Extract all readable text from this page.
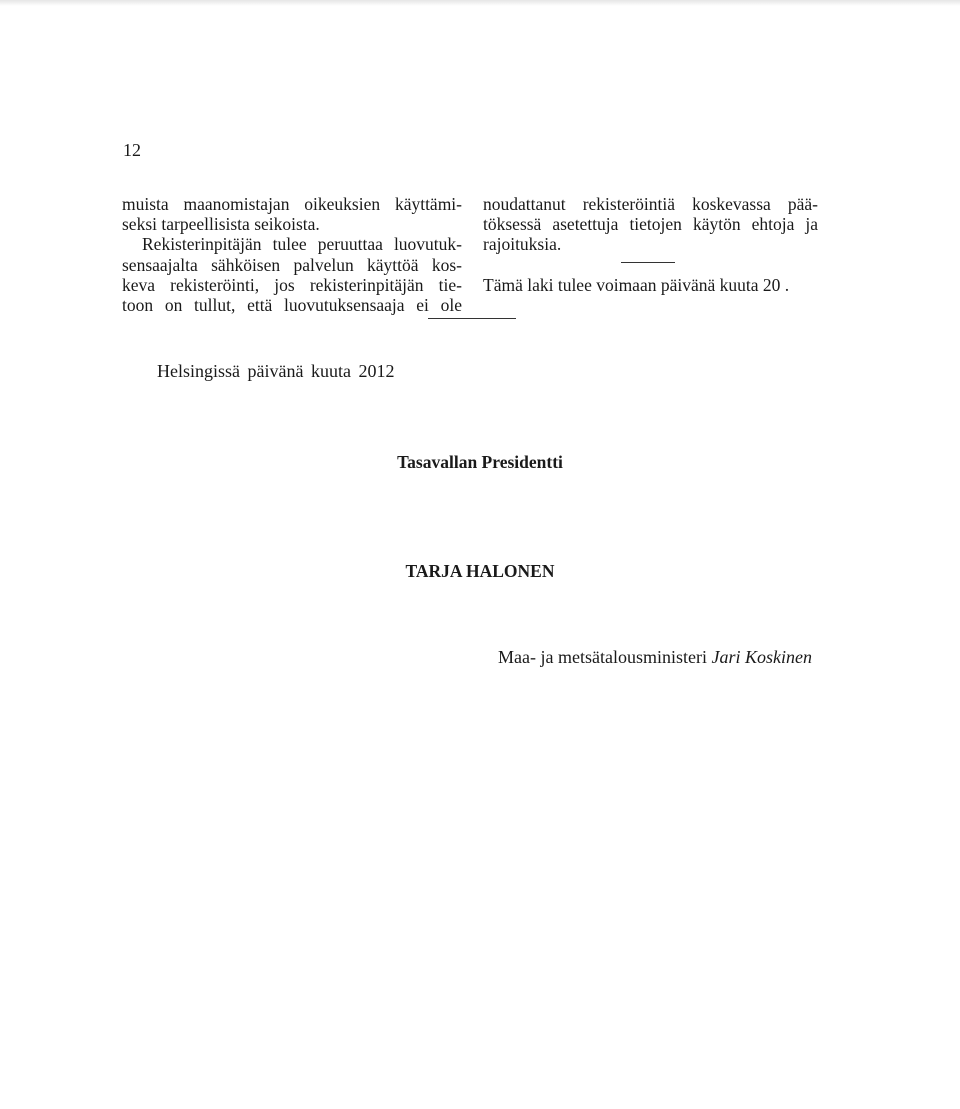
12
muista maanomistajan oikeuksien käyttämi-
seksi tarpeellisista seikoista.
Rekisterinpitäjän tulee peruuttaa luovutuk-
sensaajalta sähköisen palvelun käyttöä kos-
keva rekisteröinti, jos rekisterinpitäjän tie-
toon on tullut, että luovutuksensaaja ei ole
noudattanut rekisteröintiä koskevassa pää-
töksessä asetettuja tietojen käytön ehtoja ja
rajoituksia.
Tämä laki tulee voimaan päivänä kuuta 20 .
Helsingissä päivänä kuuta 2012
Tasavallan Presidentti
TARJA HALONEN
Maa- ja metsätalousministeri Jari Koskinen
